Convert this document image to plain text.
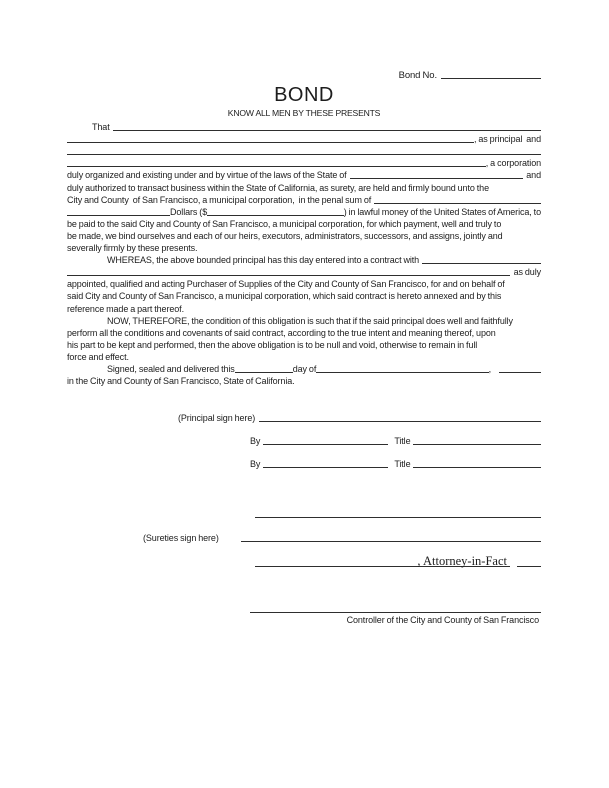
Bond No.
BOND
KNOW ALL MEN BY THESE PRESENTS
That
, as principal  and
, a corporation
duly organized and existing under and by virtue of the laws of the State of	and
duly authorized to transact business within the State of California, as surety, are held and firmly bound unto the
City and County  of San Francisco, a municipal corporation,  in the penal sum of
Dollars ($	) in lawful money of the United States of America, to
be paid to the said City and County of San Francisco, a municipal corporation, for which payment, well and truly to
be made, we bind ourselves and each of our heirs, executors, administrators, successors, and assigns, jointly and
severally firmly by these presents.
WHEREAS, the above bounded principal has this day entered into a contract with
as duly
appointed, qualified and acting Purchaser of Supplies of the City and County of San Francisco, for and on behalf of
said City and County of San Francisco, a municipal corporation, which said contract is hereto annexed and by this
reference made a part thereof.
NOW, THEREFORE, the condition of this obligation is such that if the said principal does well and faithfully
perform all the conditions and covenants of said contract, according to the true intent and meaning thereof, upon
his part to be kept and performed, then the above obligation is to be null and void, otherwise to remain in full
force and effect.
Signed, sealed and delivered this	day of	,
in the City and County of San Francisco, State of California.
(Principal sign here)
By	Title
By	Title
(Sureties sign here)
, Attorney-in-Fact
Controller of the City and County of San Francisco
